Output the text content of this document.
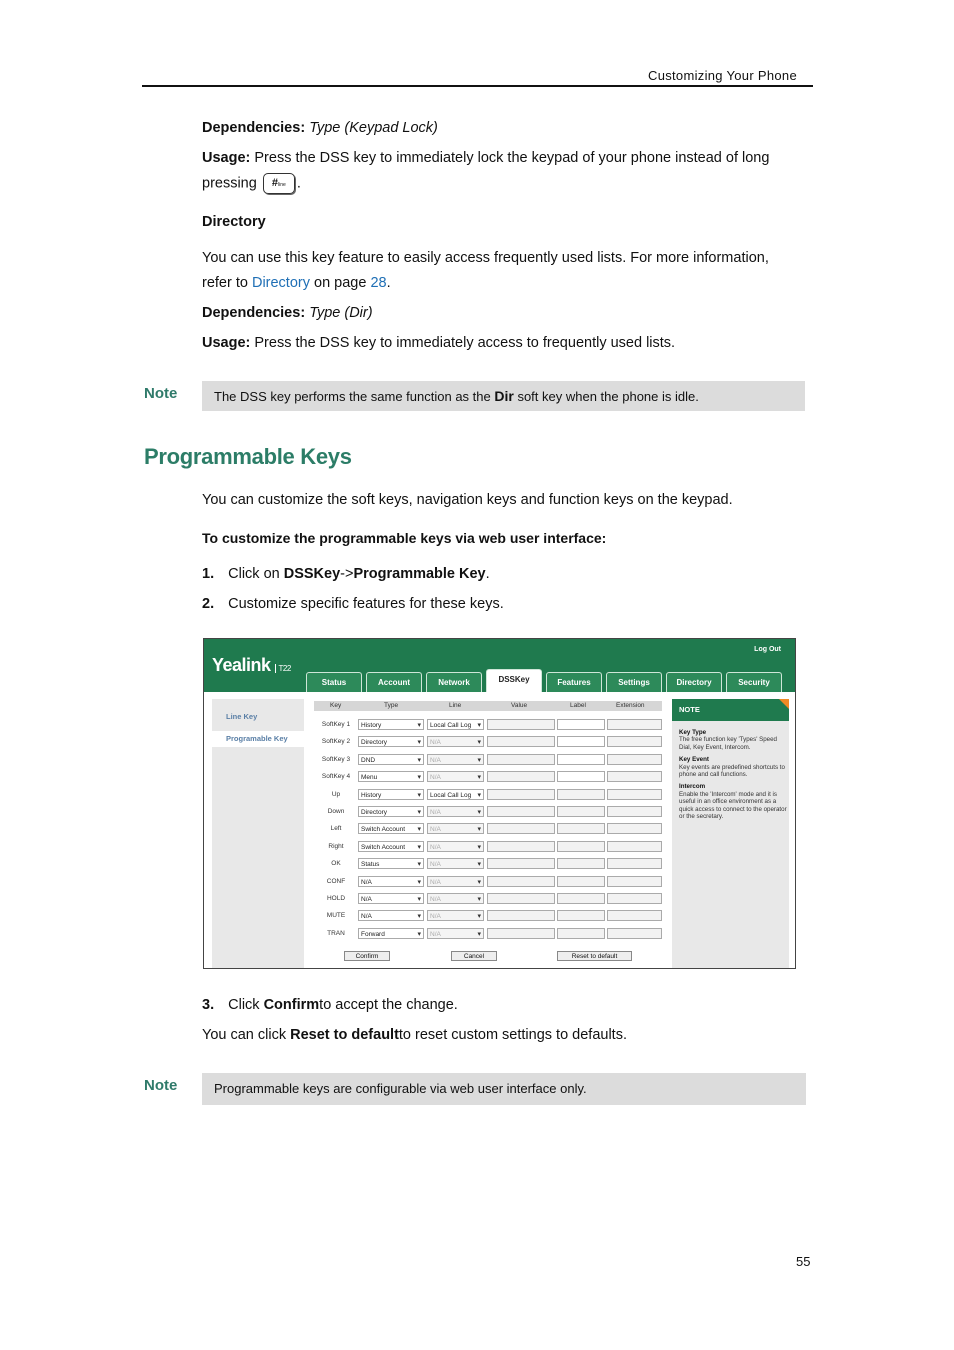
Customizing Your Phone
Dependencies: Type (Keypad Lock)
Usage: Press the DSS key to immediately lock the keypad of your phone instead of long
pressing #line .
Directory
You can use this key feature to easily access frequently used lists. For more information,
refer to Directory on page 28.
Dependencies: Type (Dir)
Usage: Press the DSS key to immediately access to frequently used lists.
Note	The DSS key performs the same function as the Dir soft key when the phone is idle.
Programmable Keys
You can customize the soft keys, navigation keys and function keys on the keypad.
To customize the programmable keys via web user interface:
1. Click on DSSKey->Programmable Key.
2. Customize specific features for these keys.
Yealink T22
Log Out
Status	Account	Network	DSSKey	Features	Settings	Directory	Security
Line Key
Programable Key
Key	Type	Line	Value	Label	Extension
SoftKey 1	History ▾	Local Call Log ▾
SoftKey 2	Directory ▾	N/A ▾
SoftKey 3	DND ▾	N/A ▾
SoftKey 4	Menu ▾	N/A ▾
Up	History ▾	Local Call Log ▾
Down	Directory ▾	N/A ▾
Left	Switch Account ▾	N/A ▾
Right	Switch Account ▾	N/A ▾
OK	Status ▾	N/A ▾
CONF	N/A ▾	N/A ▾
HOLD	N/A ▾	N/A ▾
MUTE	N/A ▾	N/A ▾
TRAN	Forward ▾	N/A ▾
Confirm	Cancel	Reset to default
NOTE
Key Type
The free function key 'Types' Speed Dial, Key Event, Intercom.
Key Event
Key events are predefined shortcuts to phone and call functions.
Intercom
Enable the 'Intercom' mode and it is useful in an office environment as a quick access to connect to the operator or the secretary.
3. Click Confirmto accept the change.
You can click Reset to defaultto reset custom settings to defaults.
Note	Programmable keys are configurable via web user interface only.
55
